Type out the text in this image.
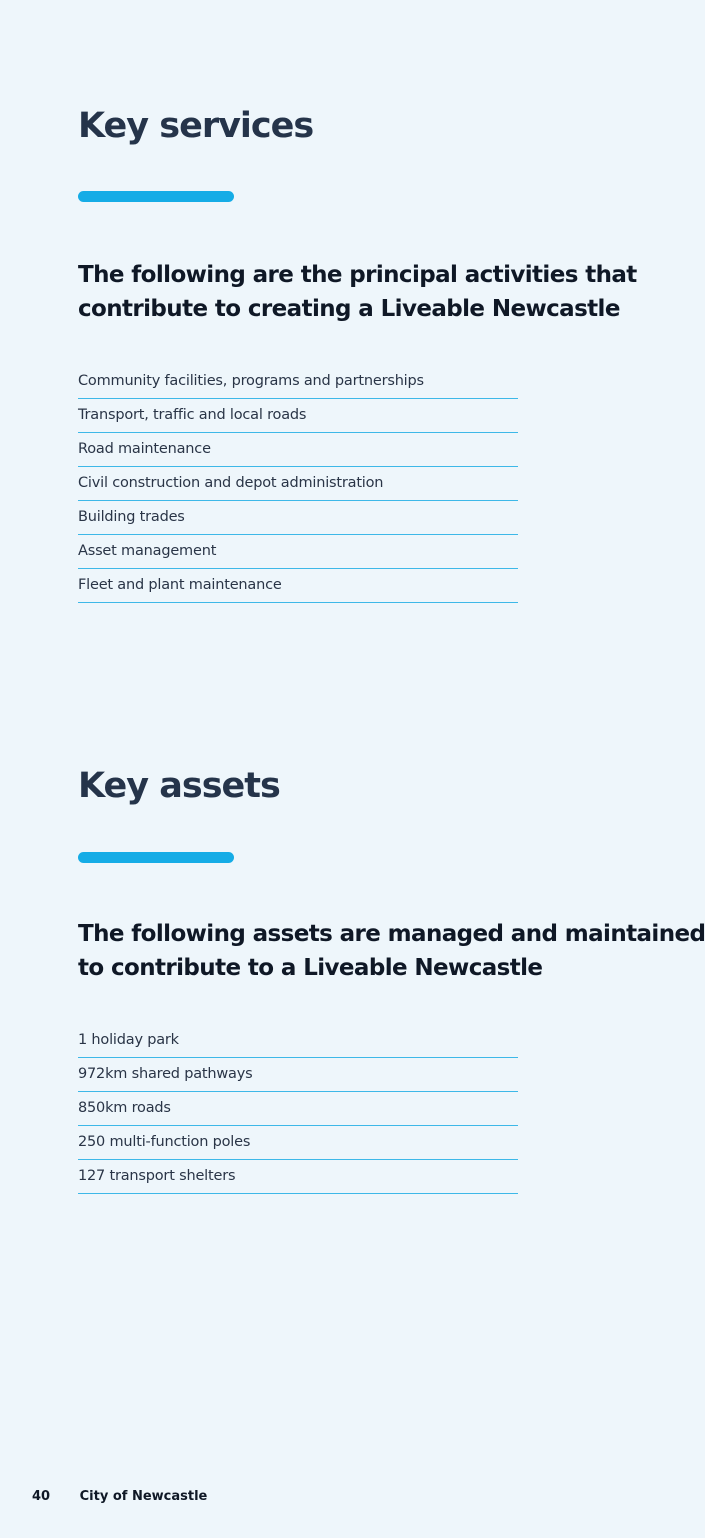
Key services

The following are the principal activities that
contribute to creating a Liveable Newcastle

Community facilities, programs and partnerships
Transport, traffic and local roads
Road maintenance
Civil construction and depot administration
Building trades
Asset management
Fleet and plant maintenance
Key assets

The following assets are managed and maintained
to contribute to a Liveable Newcastle

1 holiday park
972km shared pathways
850km roads
250 multi-function poles
127 transport shelters
40 City of Newcastle
